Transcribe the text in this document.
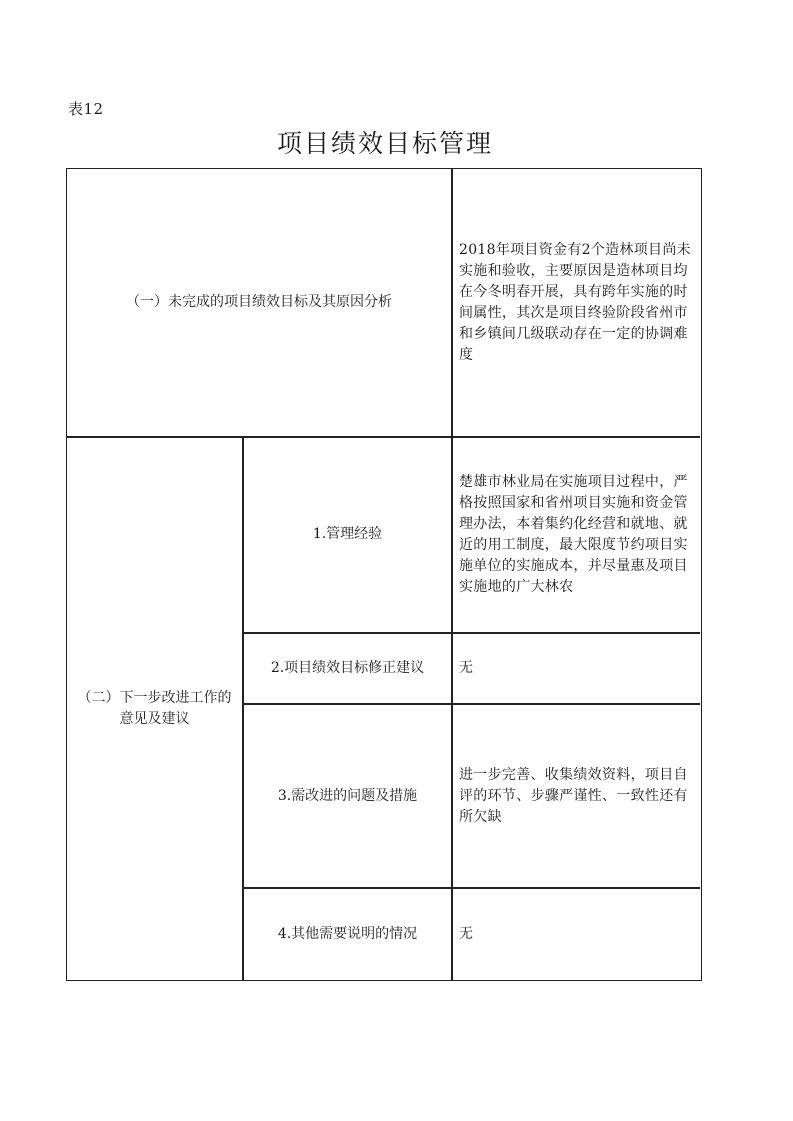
表12
项目绩效目标管理
（一）未完成的项目绩效目标及其原因分析
2018年项目资金有2个造林项目尚未实施和验收，主要原因是造林项目均在今冬明春开展，具有跨年实施的时间属性，其次是项目终验阶段省州市和乡镇间几级联动存在一定的协调难度
（二）下一步改进工作的意见及建议
1.管理经验
楚雄市林业局在实施项目过程中，严格按照国家和省州项目实施和资金管理办法，本着集约化经营和就地、就近的用工制度，最大限度节约项目实施单位的实施成本，并尽量惠及项目实施地的广大林农
2.项目绩效目标修正建议 无
3.需改进的问题及措施
进一步完善、收集绩效资料，项目自评的环节、步骤严谨性、一致性还有所欠缺
4.其他需要说明的情况	无
